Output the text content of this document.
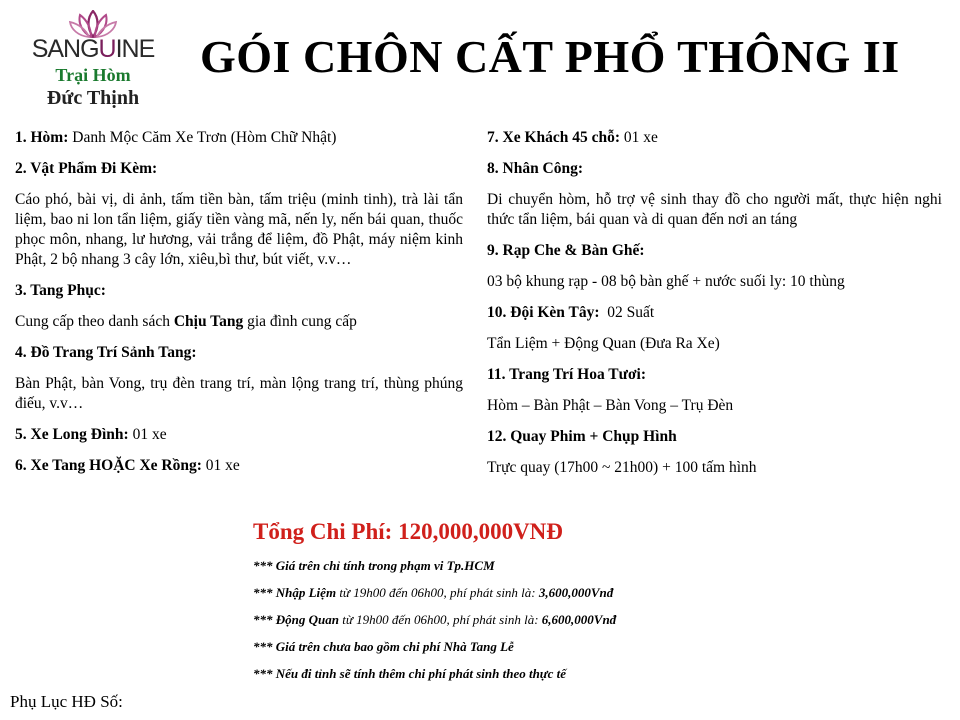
SANGUINE
Trại Hòm
Đức Thịnh
GÓI CHÔN CẤT PHỔ THÔNG II
1. Hòm: Danh Mộc Căm Xe Trơn (Hòm Chữ Nhật)
2. Vật Phẩm Đi Kèm:
Cáo phó, bài vị, di ảnh, tấm tiền bàn, tấm triệu (minh tinh), trà lài tẩn liệm, bao ni lon tẩn liệm, giấy tiền vàng mã, nến ly, nến bái quan, thuốc phọc môn, nhang, lư hương, vải trắng để liệm, đồ Phật, máy niệm kinh Phật, 2 bộ nhang 3 cây lớn, xiêu,bì thư, bút viết, v.v…
3. Tang Phục:
Cung cấp theo danh sách Chịu Tang gia đình cung cấp
4. Đồ Trang Trí Sảnh Tang:
Bàn Phật, bàn Vong, trụ đèn trang trí, màn lộng trang trí, thùng phúng điếu, v.v…
5. Xe Long Đình: 01 xe
6. Xe Tang HOẶC Xe Rồng: 01 xe
7. Xe Khách 45 chỗ: 01 xe
8. Nhân Công:
Di chuyển hòm, hỗ trợ vệ sinh thay đồ cho người mất, thực hiện nghi thức tẩn liệm, bái quan và di quan đến nơi an táng
9. Rạp Che & Bàn Ghế:
03 bộ khung rạp - 08 bộ bàn ghế + nước suối ly: 10 thùng
10. Đội Kèn Tây:  02 Suất
Tẩn Liệm + Động Quan (Đưa Ra Xe)
11. Trang Trí Hoa Tươi:
Hòm – Bàn Phật – Bàn Vong – Trụ Đèn
12. Quay Phim + Chụp Hình
Trực quay (17h00 ~ 21h00) + 100 tấm hình
Tổng Chi Phí: 120,000,000VNĐ
*** Giá trên chỉ tính trong phạm vi Tp.HCM
*** Nhập Liệm từ 19h00 đến 06h00, phí phát sinh là: 3,600,000Vnđ
*** Động Quan từ 19h00 đến 06h00, phí phát sinh là: 6,600,000Vnđ
*** Giá trên chưa bao gồm chi phí Nhà Tang Lễ
*** Nếu đi tỉnh sẽ tính thêm chi phí phát sinh theo thực tế
Phụ Lục HĐ Số:
